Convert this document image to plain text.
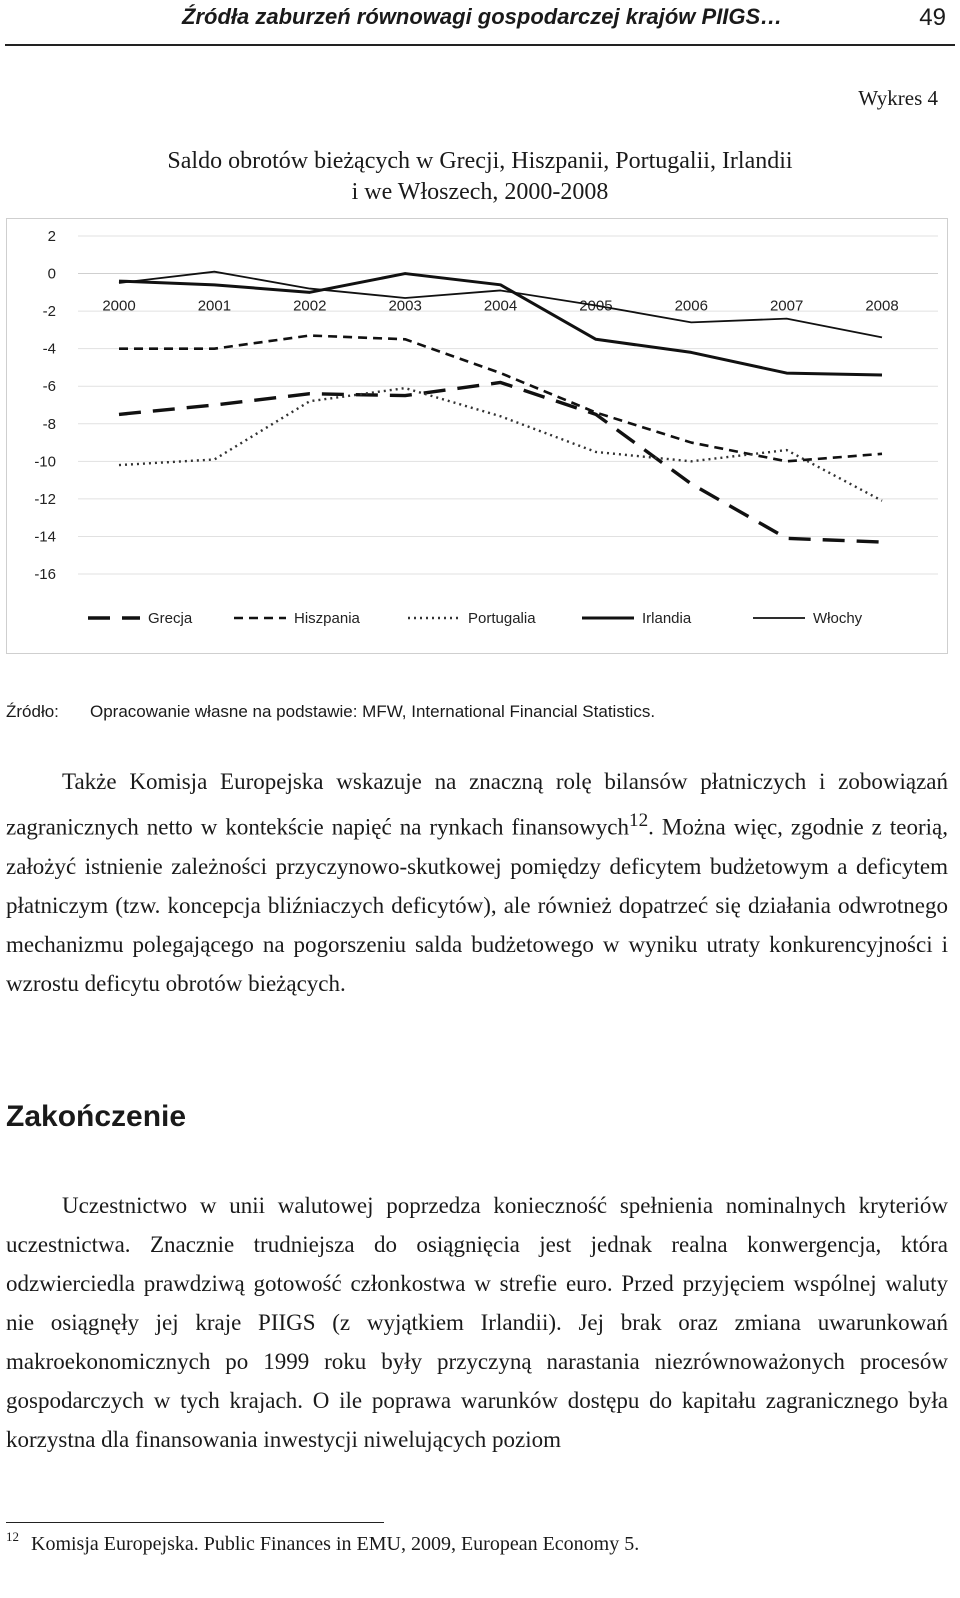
Źródła zaburzeń równowagi gospodarczej krajów PIIGS…	49
Wykres 4
Saldo obrotów bieżących w Grecji, Hiszpanii, Portugalii, Irlandii
i we Włoszech, 2000-2008
2
0
-2
-4
-6
-8
-10
-12
-14
-16
2000	2001	2002	2003	2004	2005	2006	2007	2008
Grecja	Hiszpania	Portugalia	Irlandia	Włochy
Źródło: Opracowanie własne na podstawie: MFW, International Financial Statistics.

Także Komisja Europejska wskazuje na znaczną rolę bilansów płatniczych i zobowiązań zagranicznych netto w kontekście napięć na rynkach finansowych$^{12}$. Można więc, zgodnie z teorią, założyć istnienie zależności przyczynowo-skutkowej pomiędzy deficytem budżetowym a deficytem płatniczym (tzw. koncepcja bliźniaczych deficytów), ale również dopatrzeć się działania odwrotnego mechanizmu polegającego na pogorszeniu salda budżetowego w wyniku utraty konkurencyjności i wzrostu deficytu obrotów bieżących.

Zakończenie

Uczestnictwo w unii walutowej poprzedza konieczność spełnienia nominalnych kryteriów uczestnictwa. Znacznie trudniejsza do osiągnięcia jest jednak realna konwergencja, która odzwierciedla prawdziwą gotowość członkostwa w strefie euro. Przed przyjęciem wspólnej waluty nie osiągnęły jej kraje PIIGS (z wyjątkiem Irlandii). Jej brak oraz zmiana uwarunkowań makroekonomicznych po 1999 roku były przyczyną narastania niezrównoważonych procesów gospodarczych w tych krajach. O ile poprawa warunków dostępu do kapitału zagranicznego była korzystna dla finansowania inwestycji niwelujących poziom

$^{12}$ Komisja Europejska. Public Finances in EMU, 2009, European Economy 5.
